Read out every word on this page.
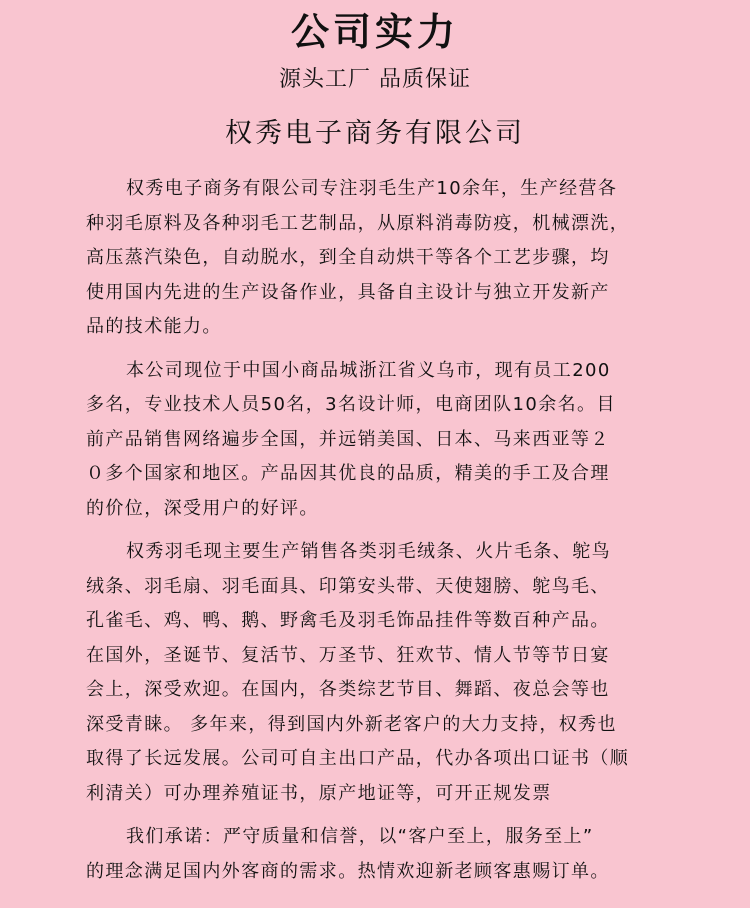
公司实力
源头工厂 品质保证
权秀电子商务有限公司
权秀电子商务有限公司专注羽毛生产10余年，生产经营各
种羽毛原料及各种羽毛工艺制品，从原料消毒防疫，机械漂洗，
高压蒸汽染色，自动脱水，到全自动烘干等各个工艺步骤，均
使用国内先进的生产设备作业，具备自主设计与独立开发新产
品的技术能力。
本公司现位于中国小商品城浙江省义乌市，现有员工200
多名，专业技术人员50名，3名设计师，电商团队10余名。目
前产品销售网络遍步全国，并远销美国、日本、马来西亚等２
０多个国家和地区。产品因其优良的品质，精美的手工及合理
的价位，深受用户的好评。
权秀羽毛现主要生产销售各类羽毛绒条、火片毛条、鸵鸟
绒条、羽毛扇、羽毛面具、印第安头带、天使翅膀、鸵鸟毛、
孔雀毛、鸡、鸭、鹅、野禽毛及羽毛饰品挂件等数百种产品。
在国外，圣诞节、复活节、万圣节、狂欢节、情人节等节日宴
会上，深受欢迎。在国内，各类综艺节目、舞蹈、夜总会等也
深受青睐。 多年来，得到国内外新老客户的大力支持，权秀也
取得了长远发展。公司可自主出口产品，代办各项出口证书（顺
利清关）可办理养殖证书，原产地证等，可开正规发票
我们承诺：严守质量和信誉，以“客户至上，服务至上”
的理念满足国内外客商的需求。热情欢迎新老顾客惠赐订单。
